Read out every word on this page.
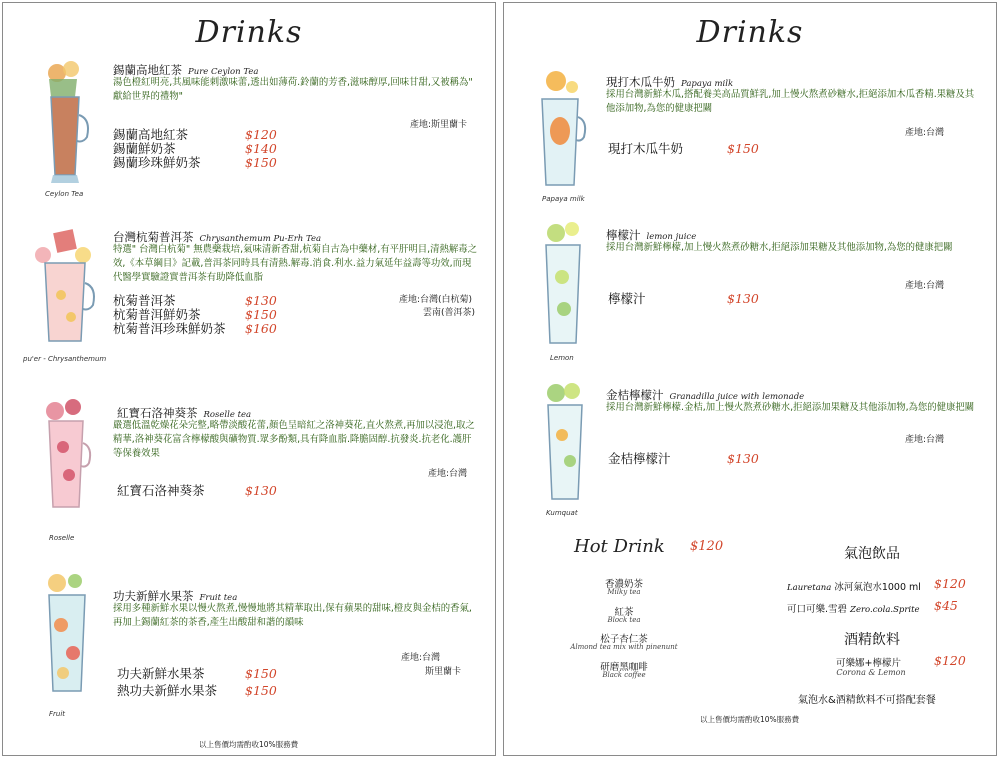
Drinks
Ceylon Tea
錫蘭高地紅茶 Pure Ceylon Tea
湯色橙紅明亮,其風味能刺激味蕾,透出如薄荷.鈴蘭的芳香,滋味醇厚,回味甘甜,又被稱為" 獻給世界的禮物"
產地:斯里蘭卡
錫蘭高地紅茶	$120
錫蘭鮮奶茶	$140
錫蘭珍珠鮮奶茶	$150
pu'er - Chrysanthemum
台灣杭菊普洱茶 Chrysanthemum Pu-Erh Tea
特選" 台灣白杭菊" 無農藥栽培,氣味清新香甜,杭菊自古為中藥材,有平肝明目,清熱解毒之效,《本草綱目》記載,普洱茶同時具有清熱.解毒.消食.利水.益力氣延年益壽等功效,而現代醫學實驗證實普洱茶有助降低血脂
產地:台灣(白杭菊)
雲南(普洱茶)
杭菊普洱茶	$130
杭菊普洱鮮奶茶	$150
杭菊普洱珍珠鮮奶茶 $160
Roselle
紅寶石洛神葵茶 Roselle tea
嚴選低溫乾燥花朵完整,略帶淡酸花蕾,顏色呈暗紅之洛神葵花,直火熬煮,再加以浸泡,取之精華,洛神葵花富含檸檬酸與礦物質.眾多酚類,具有降血脂.降膽固醇.抗發炎.抗老化.護肝等保養效果
產地:台灣
紅寶石洛神葵茶	$130
Fruit
功夫新鮮水果茶 Fruit tea
採用多種新鮮水果以慢火熬煮,慢慢地將其精華取出,保有蘋果的甜味,橙皮與金桔的香氣,再加上錫蘭紅茶的茶香,產生出酸甜和諧的韻味
產地:台灣
斯里蘭卡
功夫新鮮水果茶	$150
熱功夫新鮮水果茶 $150
以上售價均需酌收10%服務費
Drinks
Papaya milk
現打木瓜牛奶 Papaya milk
採用台灣新鮮木瓜,搭配養美高品質鮮乳,加上慢火熬煮砂糖水,拒絕添加木瓜香精.果糖及其他添加物,為您的健康把關
產地:台灣
現打木瓜牛奶	$150
Lemon
檸檬汁 lemon juice
採用台灣新鮮檸檬,加上慢火熬煮砂糖水,拒絕添加果糖及其他添加物,為您的健康把關
產地:台灣
檸檬汁	$130
Kumquat
金桔檸檬汁 Granadilla juice with lemonade
採用台灣新鮮檸檬.金桔,加上慢火熬煮砂糖水,拒絕添加果糖及其他添加物,為您的健康把關
產地:台灣
金桔檸檬汁	$130
Hot Drink $120
香濃奶茶
Milky tea
紅茶
Block tea
松子杏仁茶
Almond tea mix with pinenunt
研磨黑咖啡
Black coffee
氣泡飲品
Lauretana 冰河氣泡水1000 ml $120
可口可樂.雪碧 Zero.cola.Sprite $45
酒精飲料
可樂娜+檸檬片
Corona & Lemon
$120
氣泡水&酒精飲料不可搭配套餐
以上售價均需酌收10%服務費
